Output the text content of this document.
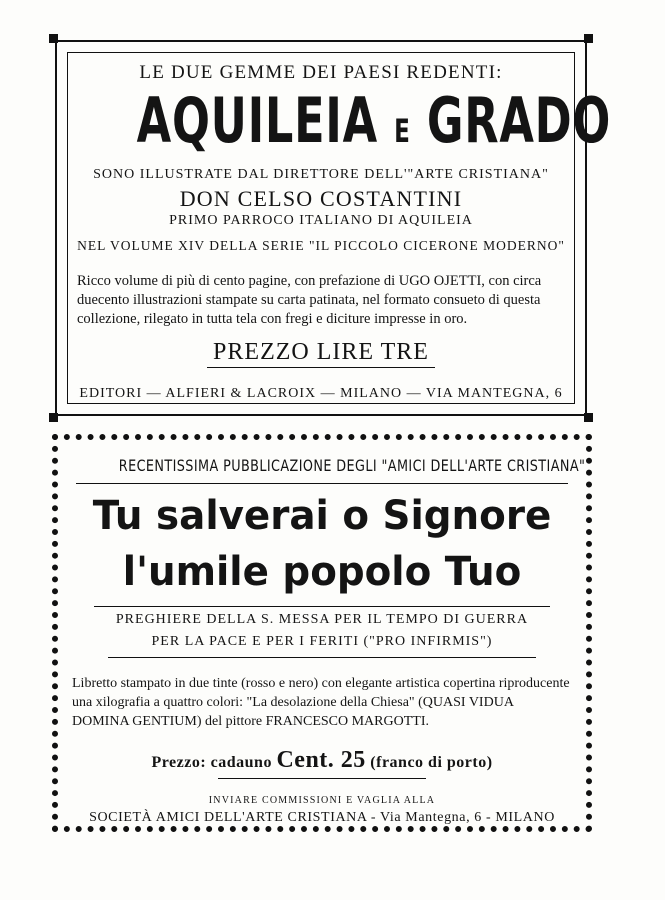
LE DUE GEMME DEI PAESI REDENTI:
AQUILEIA E GRADO
SONO ILLUSTRATE DAL DIRETTORE DELL'"ARTE CRISTIANA"
DON CELSO COSTANTINI
PRIMO PARROCO ITALIANO DI AQUILEIA
NEL VOLUME XIV DELLA SERIE "IL PICCOLO CICERONE MODERNO"
Ricco volume di più di cento pagine, con prefazione di UGO OJETTI, con circa duecento illustrazioni stampate su carta patinata, nel formato consueto di questa collezione, rilegato in tutta tela con fregi e diciture impresse in oro.
PREZZO LIRE TRE
EDITORI — ALFIERI & LACROIX — MILANO — VIA MANTEGNA, 6
RECENTISSIMA PUBBLICAZIONE DEGLI "AMICI DELL'ARTE CRISTIANA"
Tu salverai o Signore
l'umile popolo Tuo
PREGHIERE DELLA S. MESSA PER IL TEMPO DI GUERRA
PER LA PACE E PER I FERITI ("PRO INFIRMIS")
Libretto stampato in due tinte (rosso e nero) con elegante artistica copertina riproducente una xilografia a quattro colori: "La desolazione della Chiesa" (QUASI VIDUA DOMINA GENTIUM) del pittore FRANCESCO MARGOTTI.
Prezzo: cadauno Cent. 25 (franco di porto)
INVIARE COMMISSIONI E VAGLIA ALLA
SOCIETÀ AMICI DELL'ARTE CRISTIANA - Via Mantegna, 6 - MILANO
